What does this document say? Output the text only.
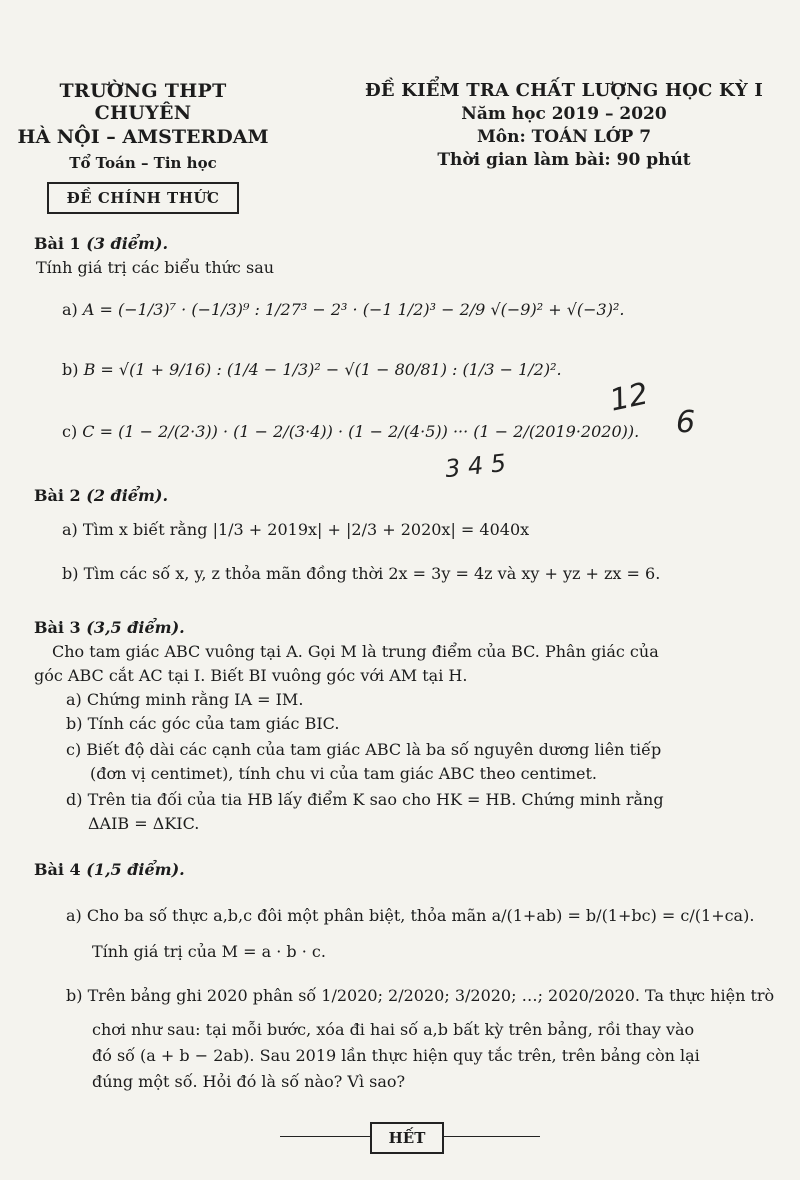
TRƯỜNG THPT CHUYÊN
HÀ NỘI – AMSTERDAM
Tổ Toán – Tin học
ĐỀ CHÍNH THỨC
ĐỀ KIỂM TRA CHẤT LƯỢNG HỌC KỲ I
Năm học 2019 – 2020
Môn: TOÁN LỚP 7
Thời gian làm bài: 90 phút
Bài 1 (3 điểm).
Tính giá trị các biểu thức sau
a) A = (−1/3)⁷ · (−1/3)⁹ : 1/27³ − 2³ · (−1 1/2)³ − 2/9 √(−9)² + √(−3)².
b) B = √(1 + 9/16) : (1/4 − 1/3)² − √(1 − 80/81) : (1/3 − 1/2)².
c) C = (1 − 2/(2·3)) · (1 − 2/(3·4)) · (1 − 2/(4·5)) ··· (1 − 2/(2019·2020)).
12
6
3 4 5
Bài 2 (2 điểm).
a) Tìm x biết rằng |1/3 + 2019x| + |2/3 + 2020x| = 4040x
b) Tìm các số x, y, z thỏa mãn đồng thời 2x = 3y = 4z và xy + yz + zx = 6.
Bài 3 (3,5 điểm).
Cho tam giác ABC vuông tại A. Gọi M là trung điểm của BC. Phân giác của
góc ABC cắt AC tại I. Biết BI vuông góc với AM tại H.
a) Chứng minh rằng IA = IM.
b) Tính các góc của tam giác BIC.
c) Biết độ dài các cạnh của tam giác ABC là ba số nguyên dương liên tiếp
(đơn vị centimet), tính chu vi của tam giác ABC theo centimet.
d) Trên tia đối của tia HB lấy điểm K sao cho HK = HB. Chứng minh rằng
ΔAIB = ΔKIC.
Bài 4 (1,5 điểm).
a) Cho ba số thực a,b,c đôi một phân biệt, thỏa mãn a/(1+ab) = b/(1+bc) = c/(1+ca).
Tính giá trị của M = a · b · c.
b) Trên bảng ghi 2020 phân số 1/2020; 2/2020; 3/2020; …; 2020/2020. Ta thực hiện trò
chơi như sau: tại mỗi bước, xóa đi hai số a,b bất kỳ trên bảng, rồi thay vào
đó số (a + b − 2ab). Sau 2019 lần thực hiện quy tắc trên, trên bảng còn lại
đúng một số. Hỏi đó là số nào? Vì sao?
HẾT
